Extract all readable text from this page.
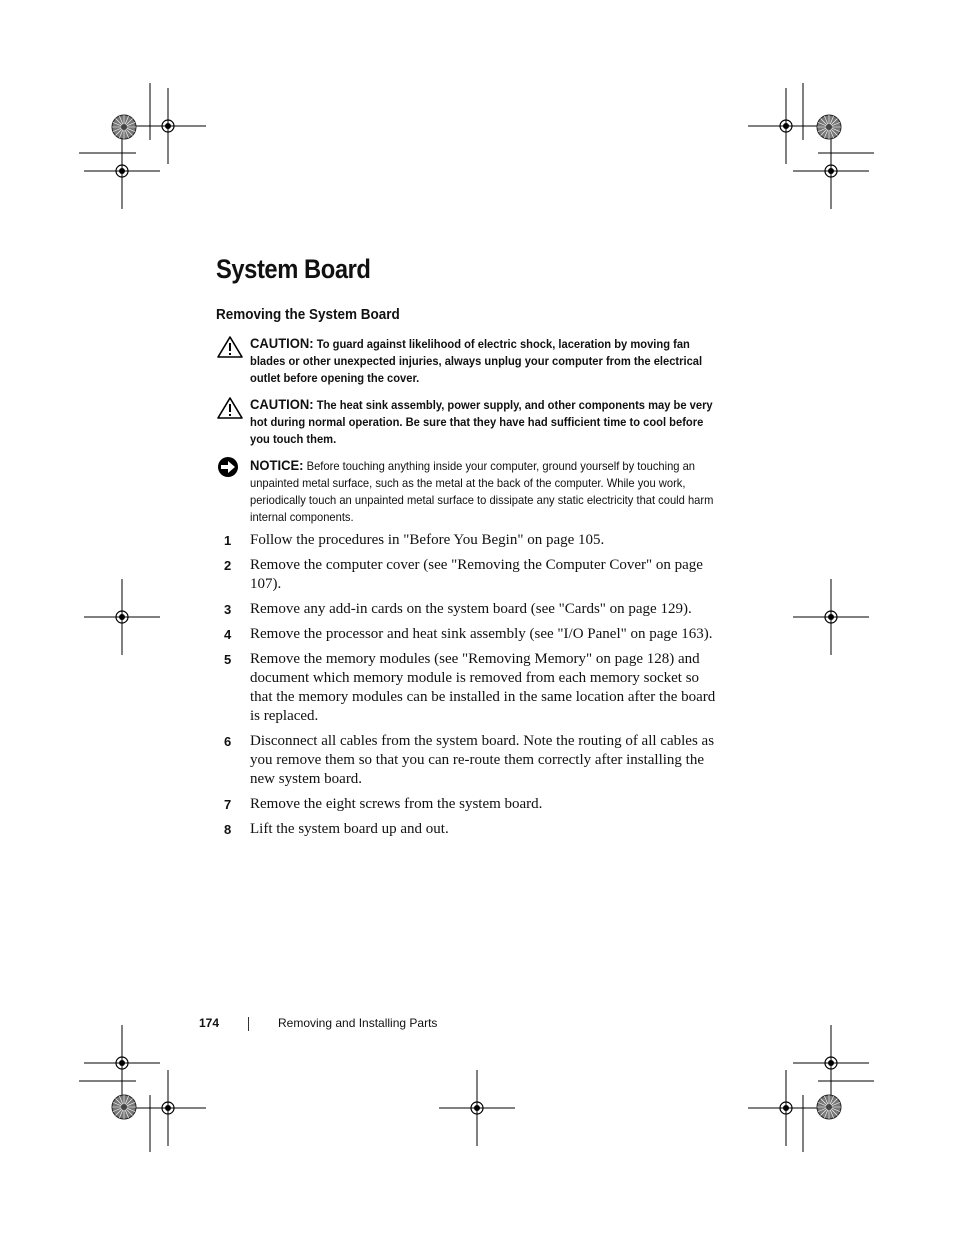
System Board
Removing the System Board
CAUTION: To guard against likelihood of electric shock, laceration by moving fan blades or other unexpected injuries, always unplug your computer from the electrical outlet before opening the cover.
CAUTION: The heat sink assembly, power supply, and other components may be very hot during normal operation. Be sure that they have had sufficient time to cool before you touch them.
NOTICE: Before touching anything inside your computer, ground yourself by touching an unpainted metal surface, such as the metal at the back of the computer. While you work, periodically touch an unpainted metal surface to dissipate any static electricity that could harm internal components.
1 Follow the procedures in "Before You Begin" on page 105.
2 Remove the computer cover (see "Removing the Computer Cover" on page 107).
3 Remove any add-in cards on the system board (see "Cards" on page 129).
4 Remove the processor and heat sink assembly (see "I/O Panel" on page 163).
5 Remove the memory modules (see "Removing Memory" on page 128) and document which memory module is removed from each memory socket so that the memory modules can be installed in the same location after the board is replaced.
6 Disconnect all cables from the system board. Note the routing of all cables as you remove them so that you can re-route them correctly after installing the new system board.
7 Remove the eight screws from the system board.
8 Lift the system board up and out.
174	Removing and Installing Parts
